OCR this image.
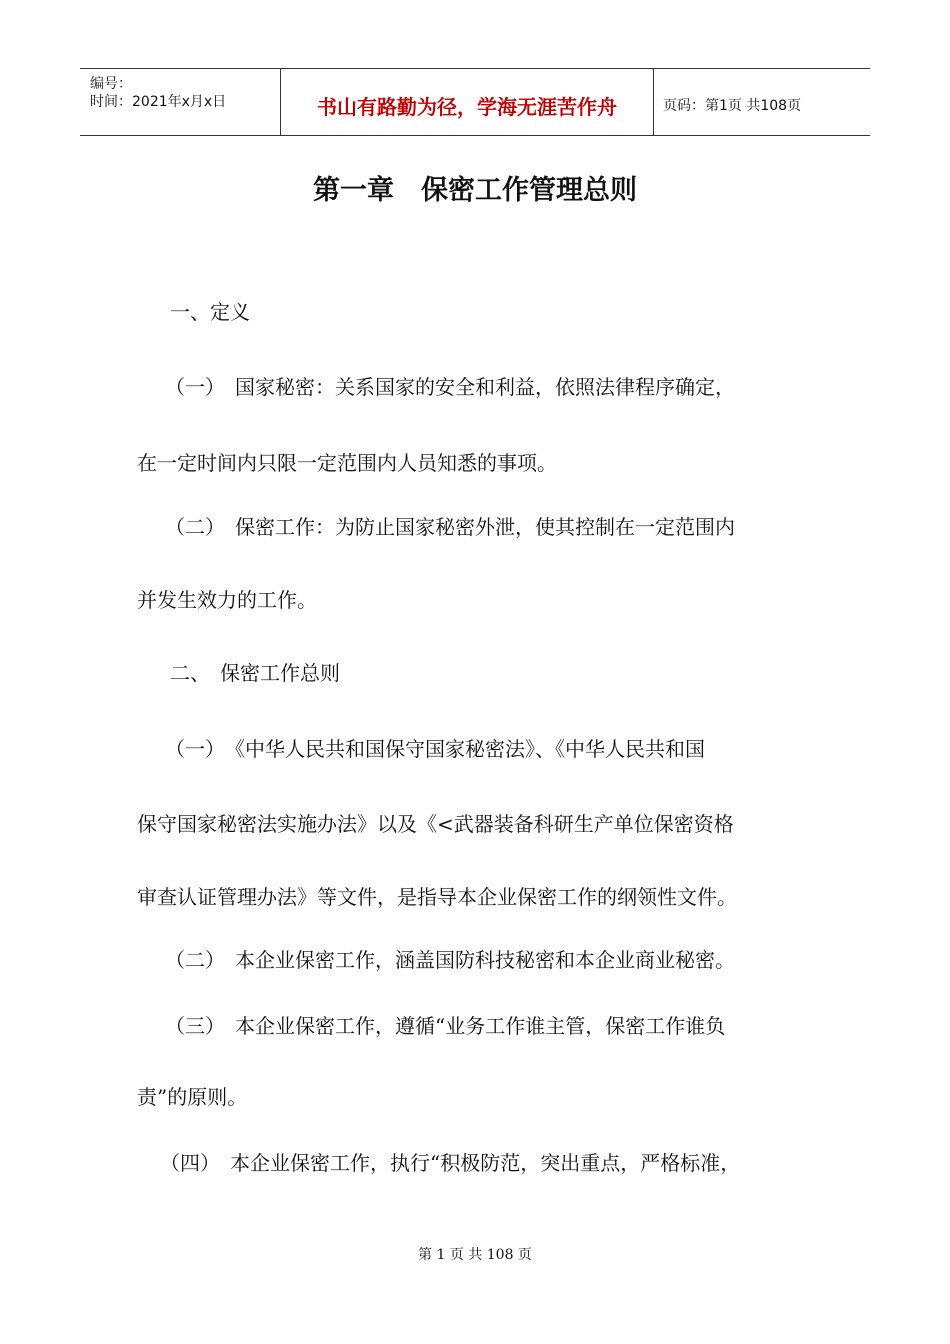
编号：
时间：2021年x月x日	书山有路勤为径，学海无涯苦作舟	页码：第1页 共108页
第一章　保密工作管理总则
一、定义
（一）　国家秘密：关系国家的安全和利益，依照法律程序确定，
在一定时间内只限一定范围内人员知悉的事项。
（二）　保密工作：为防止国家秘密外泄，使其控制在一定范围内
并发生效力的工作。
二、　保密工作总则
（一）　《中华人民共和国保守国家秘密法》、《中华人民共和国
保守国家秘密法实施办法》以及《<武器装备科研生产单位保密资格
审查认证管理办法》等文件，是指导本企业保密工作的纲领性文件。
（二）　本企业保密工作，涵盖国防科技秘密和本企业商业秘密。
（三）　本企业保密工作，遵循“业务工作谁主管，保密工作谁负
责”的原则。
（四）　本企业保密工作，执行“积极防范，突出重点，严格标准，
第 1 页 共 108 页
